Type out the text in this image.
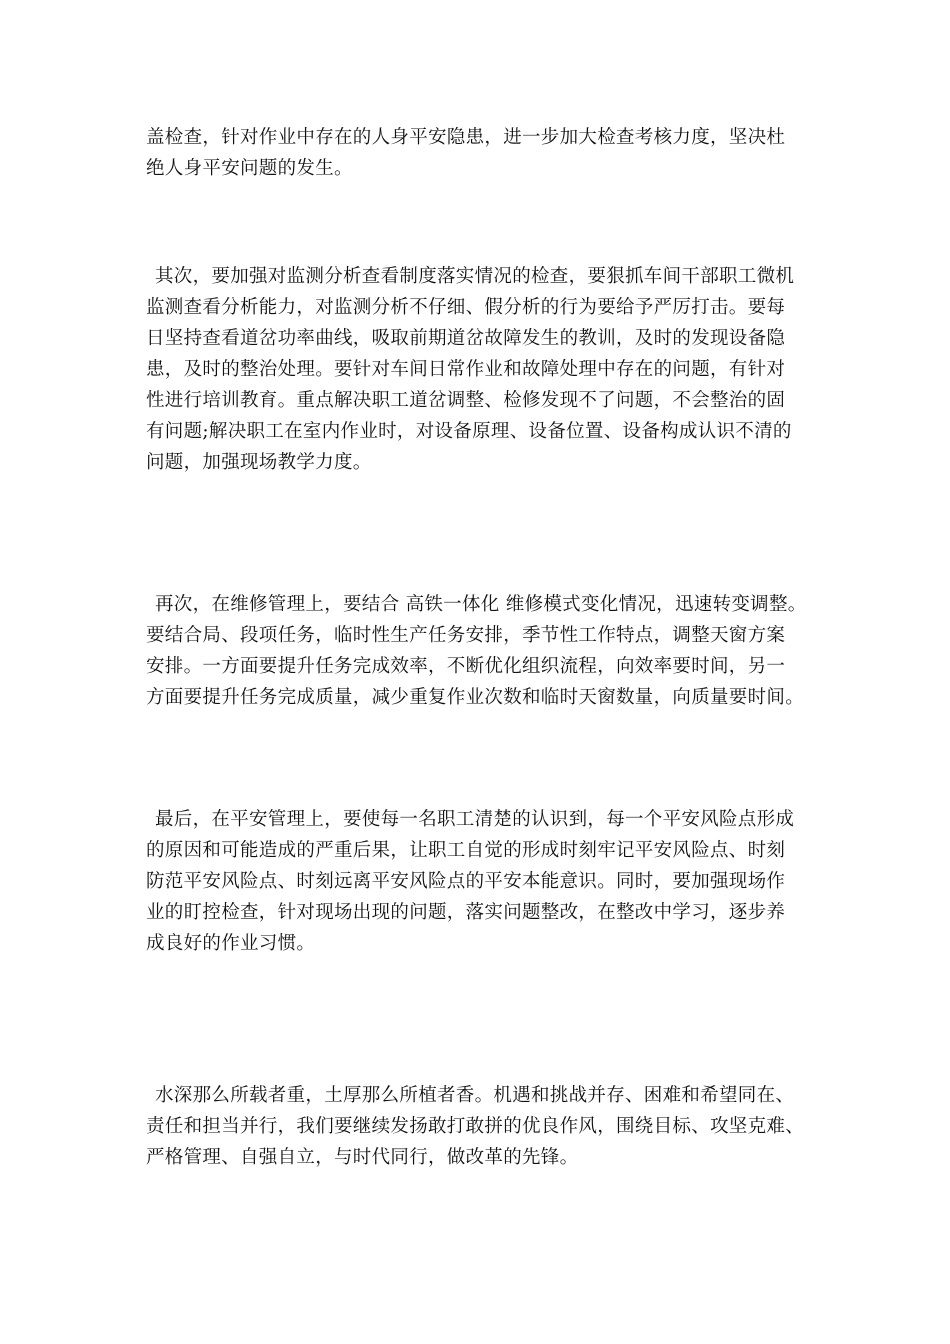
盖检查，针对作业中存在的人身平安隐患，进一步加大检查考核力度，坚决杜
绝人身平安问题的发生。
其次，要加强对监测分析查看制度落实情况的检查，要狠抓车间干部职工微机
监测查看分析能力，对监测分析不仔细、假分析的行为要给予严厉打击。要每
日坚持查看道岔功率曲线，吸取前期道岔故障发生的教训，及时的发现设备隐
患，及时的整治处理。要针对车间日常作业和故障处理中存在的问题，有针对
性进行培训教育。重点解决职工道岔调整、检修发现不了问题，不会整治的固
有问题;解决职工在室内作业时，对设备原理、设备位置、设备构成认识不清的
问题，加强现场教学力度。
再次，在维修管理上，要结合 高铁一体化 维修模式变化情况，迅速转变调整。
要结合局、段项任务，临时性生产任务安排，季节性工作特点，调整天窗方案
安排。一方面要提升任务完成效率，不断优化组织流程，向效率要时间，另一
方面要提升任务完成质量，减少重复作业次数和临时天窗数量，向质量要时间。
最后，在平安管理上，要使每一名职工清楚的认识到，每一个平安风险点形成
的原因和可能造成的严重后果，让职工自觉的形成时刻牢记平安风险点、时刻
防范平安风险点、时刻远离平安风险点的平安本能意识。同时，要加强现场作
业的盯控检查，针对现场出现的问题，落实问题整改，在整改中学习，逐步养
成良好的作业习惯。
水深那么所载者重，土厚那么所植者香。机遇和挑战并存、困难和希望同在、
责任和担当并行，我们要继续发扬敢打敢拼的优良作风，围绕目标、攻坚克难、
严格管理、自强自立，与时代同行，做改革的先锋。
